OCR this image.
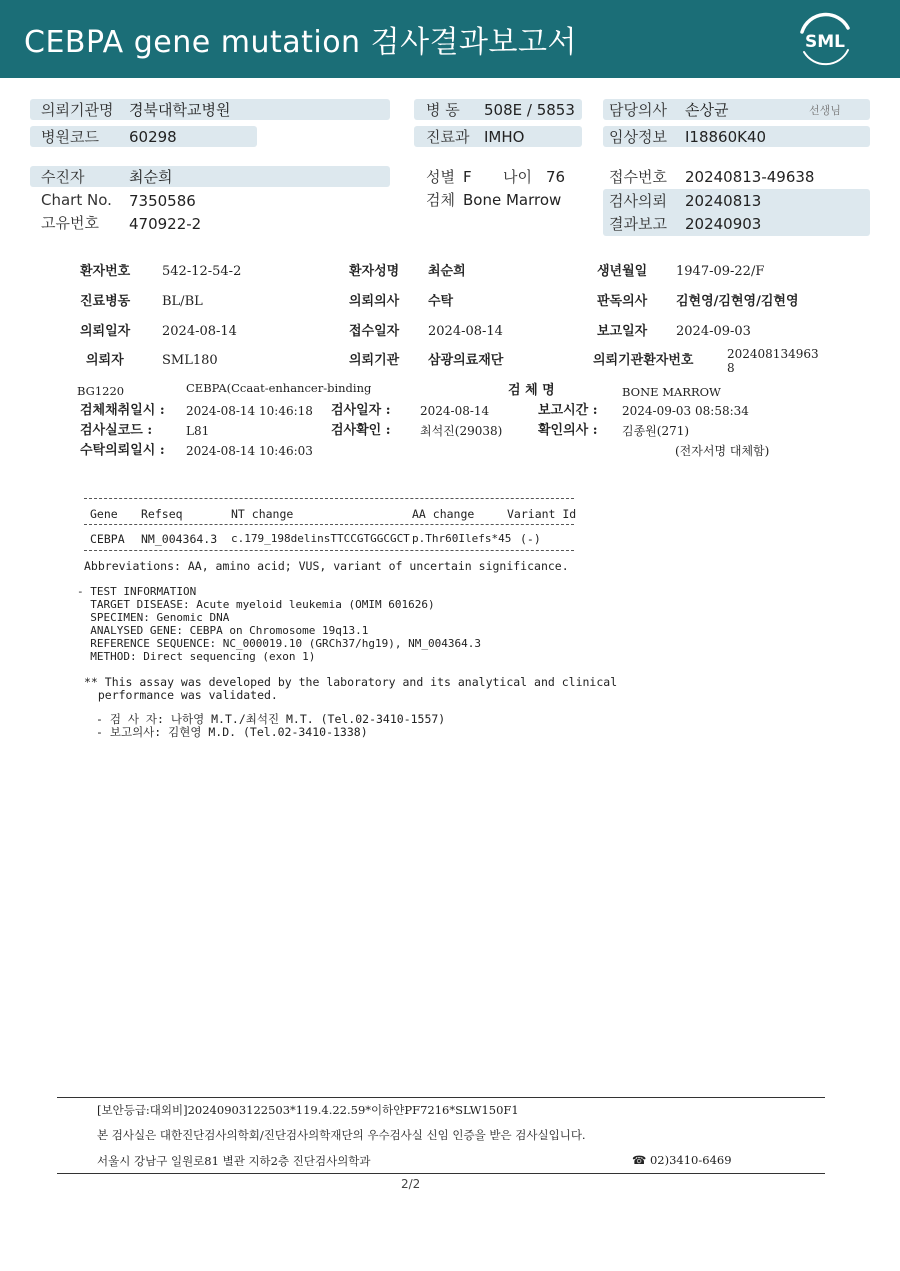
CEBPA gene mutation 검사결과보고서	SML
의뢰기관명 경북대학교병원
병원코드 60298
병 동 508E / 5853
진료과 IMHO
담당의사 손상균	선생님
임상정보 I18860K40
수진자	최순희
Chart No. 7350586
고유번호 470922-2
성별 F 나이 76
검체 Bone Marrow
접수번호 20240813-49638
검사의뢰 20240813
결과보고 20240903
환자번호 542-12-54-2	환자성명 최순희	생년월일 1947-09-22/F
진료병동 BL/BL	의뢰의사 수탁	판독의사 김현영/김현영/김현영
의뢰일자 2024-08-14	접수일자 2024-08-14	보고일자 2024-09-03
의뢰자	SML180	의뢰기관 삼광의료재단	의뢰기관환자번호	202408134963
8
BG1220	CEBPA(Ccaat-enhancer-binding	검 체 명	BONE MARROW
검체채취일시 : 2024-08-14 10:46:18 검사일자 : 2024-08-14	보고시간 : 2024-09-03 08:58:34
검사실코드 :	L81	검사확인 : 최석진(29038)	확인의사 : 김종원(271)
수탁의뢰일시 : 2024-08-14 10:46:03	(전자서명 대체함)
Gene Refseq	NT change	AA change	Variant Id
CEBPA NM_004364.3 c.179_198delinsTTCCGTGGCGCT p.Thr60Ilefs*45 (-)
Abbreviations: AA, amino acid; VUS, variant of uncertain significance.
- TEST INFORMATION
TARGET DISEASE: Acute myeloid leukemia (OMIM 601626)
SPECIMEN: Genomic DNA
ANALYSED GENE: CEBPA on Chromosome 19q13.1
REFERENCE SEQUENCE: NC_000019.10 (GRCh37/hg19), NM_004364.3
METHOD: Direct sequencing (exon 1)
** This assay was developed by the laboratory and its analytical and clinical
performance was validated.
- 검 사 자: 나하영 M.T./최석진 M.T. (Tel.02-3410-1557)
- 보고의사: 김현영 M.D. (Tel.02-3410-1338)
[보안등급:대외비]20240903122503*119.4.22.59*이하얀PF7216*SLW150F1
본 검사실은 대한진단검사의학회/진단검사의학재단의 우수검사실 신임 인증을 받은 검사실입니다.
서울시 강남구 일원로81 별관 지하2층 진단검사의학과	☎ 02)3410-6469
2/2
